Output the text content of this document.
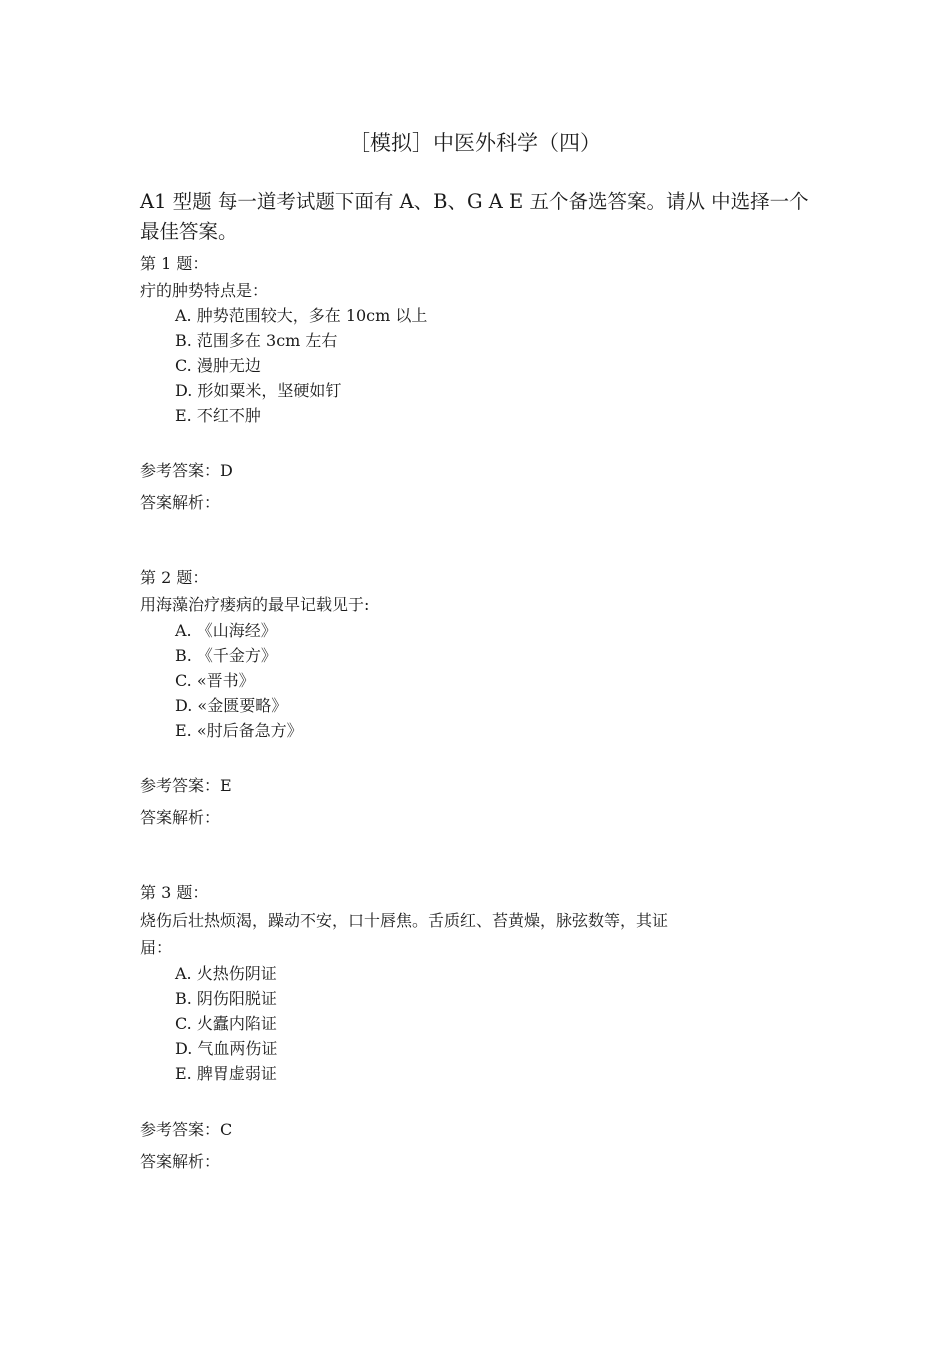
［模拟］中医外科学（四）

A1 型题 每一道考试题下面有 A、B、G A E 五个备选答案。请从 中选择一个最佳答案。

第 1 题：
疔的肿势特点是：
A. 肿势范围较大，多在 10cm 以上
B. 范围多在 3cm 左右
C. 漫肿无边
D. 形如粟米，坚硬如钉
E. 不红不肿
参考答案：D
答案解析：
第 2 题：
用海藻治疗瘘病的最早记载见于:
A. 《山海经》
B. 《千金方》
C. «晋书》
D. «金匮要略》
E. «肘后备急方》
参考答案：E
答案解析：
第 3 题：
烧伤后壮热烦渴，躁动不安，口十唇焦。舌质红、苔黄燥，脉弦数等，其证
届：
A. 火热伤阴证
B. 阴伤阳脱证
C. 火蠹内陷证
D. 气血两伤证
E. 脾胃虚弱证
参考答案：C
答案解析：
